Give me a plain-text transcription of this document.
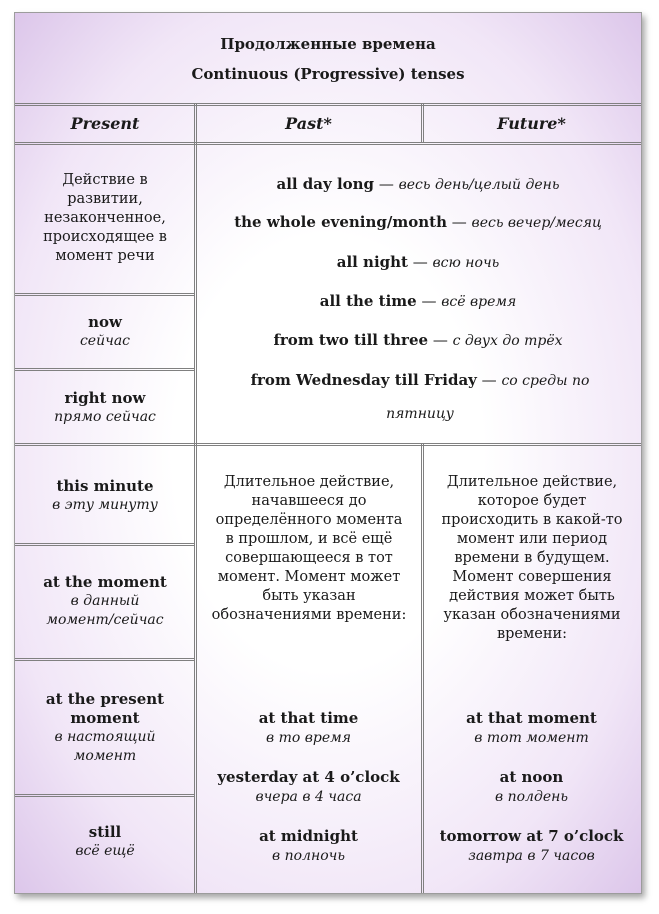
Продолженные времена
Continuous (Progressive) tenses
Present	Past*	Future*
Действие в развитии, незаконченное, происходящее в момент речи
now
сейчас
right now
прямо сейчас
this minute
в эту минуту
at the moment
в данный момент/сейчас
at the present moment
в настоящий момент
still
всё ещё
all day long — весь день/целый день
the whole evening/month — весь вечер/месяц
all night — всю ночь
all the time — всё время
from two till three — с двух до трёх
from Wednesday till Friday — со среды по пятницу
Длительное действие, начавшееся до определённого момента в прошлом, и всё ещё совершающееся в тот момент. Момент может быть указан обозначениями времени:
at that time
в то время
yesterday at 4 o’clock
вчера в 4 часа
at midnight
в полночь
Длительное действие, которое будет происходить в какой-то момент или период времени в будущем. Момент совершения действия может быть указан обозначениями времени:
at that moment
в тот момент
at noon
в полдень
tomorrow at 7 o’clock
завтра в 7 часов
